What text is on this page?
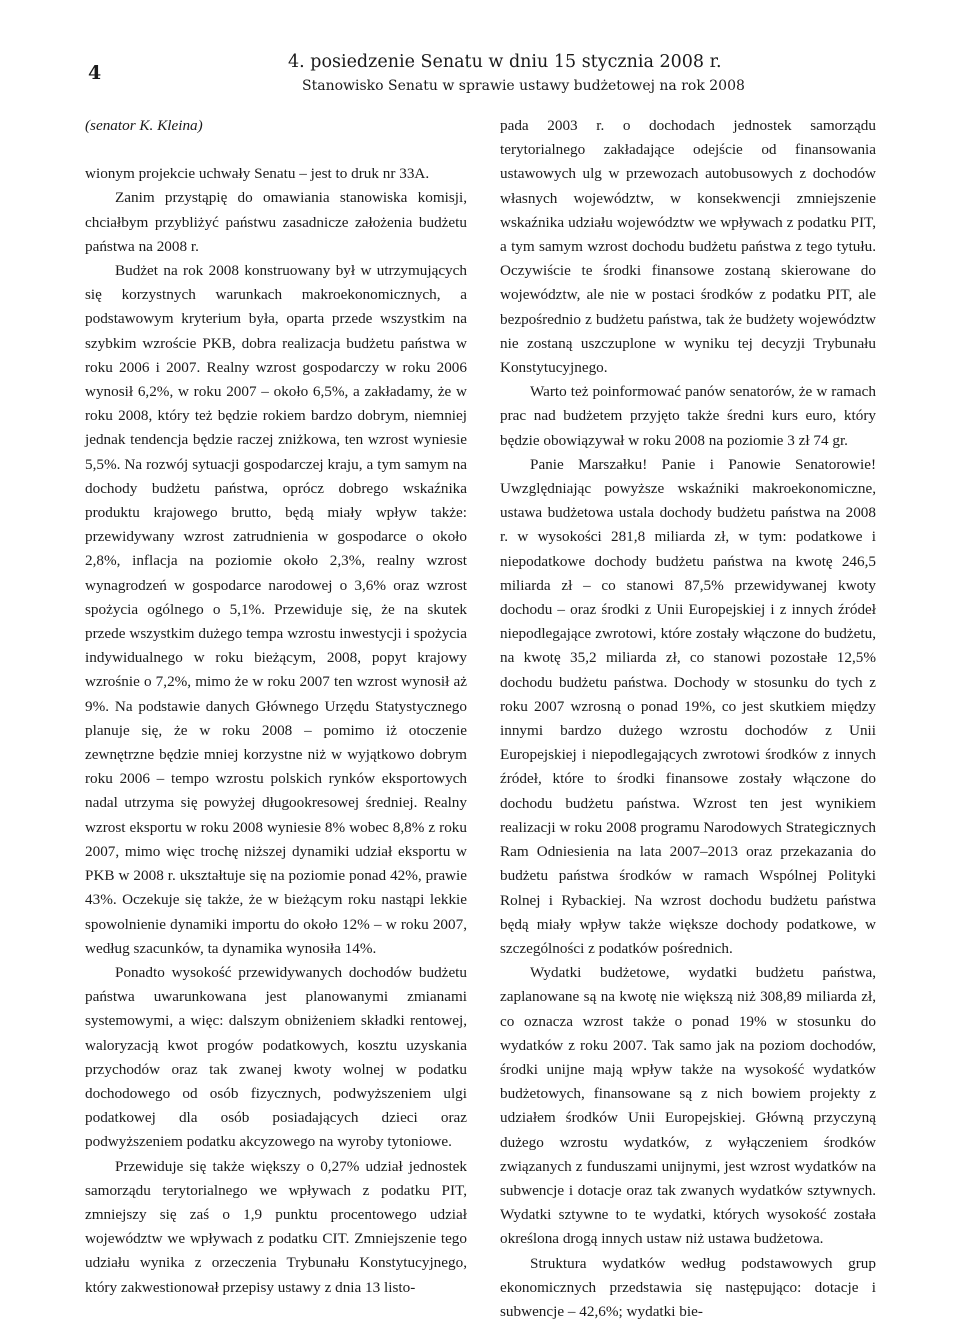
4	4. posiedzenie Senatu w dniu 15 stycznia 2008 r.
Stanowisko Senatu w sprawie ustawy budżetowej na rok 2008

(senator K. Kleina)

wionym projekcie uchwały Senatu – jest to druk nr 33A.

Zanim przystąpię do omawiania stanowiska komisji, chciałbym przybliżyć państwu zasadnicze założenia budżetu państwa na 2008 r.

Budżet na rok 2008 konstruowany był w utrzymujących się korzystnych warunkach makroekonomicznych, a podstawowym kryterium była, oparta przede wszystkim na szybkim wzroście PKB, dobra realizacja budżetu państwa w roku 2006 i 2007. Realny wzrost gospodarczy w roku 2006 wynosił 6,2%, w roku 2007 – około 6,5%, a zakładamy, że w roku 2008, który też będzie rokiem bardzo dobrym, niemniej jednak tendencja będzie raczej zniżkowa, ten wzrost wyniesie 5,5%. Na rozwój sytuacji gospodarczej kraju, a tym samym na dochody budżetu państwa, oprócz dobrego wskaźnika produktu krajowego brutto, będą miały wpływ także: przewidywany wzrost zatrudnienia w gospodarce o około 2,8%, inflacja na poziomie około 2,3%, realny wzrost wynagrodzeń w gospodarce narodowej o 3,6% oraz wzrost spożycia ogólnego o 5,1%. Przewiduje się, że na skutek przede wszystkim dużego tempa wzrostu inwestycji i spożycia indywidualnego w roku bieżącym, 2008, popyt krajowy wzrośnie o 7,2%, mimo że w roku 2007 ten wzrost wynosił aż 9%. Na podstawie danych Głównego Urzędu Statystycznego planuje się, że w roku 2008 – pomimo iż otoczenie zewnętrzne będzie mniej korzystne niż w wyjątkowo dobrym roku 2006 – tempo wzrostu polskich rynków eksportowych nadal utrzyma się powyżej długookresowej średniej. Realny wzrost eksportu w roku 2008 wyniesie 8% wobec 8,8% z roku 2007, mimo więc trochę niższej dynamiki udział eksportu w PKB w 2008 r. ukształtuje się na poziomie ponad 42%, prawie 43%. Oczekuje się także, że w bieżącym roku nastąpi lekkie spowolnienie dynamiki importu do około 12% – w roku 2007, według szacunków, ta dynamika wynosiła 14%.

Ponadto wysokość przewidywanych dochodów budżetu państwa uwarunkowana jest planowanymi zmianami systemowymi, a więc: dalszym obniżeniem składki rentowej, waloryzacją kwot progów podatkowych, kosztu uzyskania przychodów oraz tak zwanej kwoty wolnej w podatku dochodowego od osób fizycznych, podwyższeniem ulgi podatkowej dla osób posiadających dzieci oraz podwyższeniem podatku akcyzowego na wyroby tytoniowe.

Przewiduje się także większy o 0,27% udział jednostek samorządu terytorialnego we wpływach z podatku PIT, zmniejszy się zaś o 1,9 punktu procentowego udział województw we wpływach z podatku CIT. Zmniejszenie tego udziału wynika z orzeczenia Trybunału Konstytucyjnego, który zakwestionował przepisy ustawy z dnia 13 listo-

pada 2003 r. o dochodach jednostek samorządu terytorialnego zakładające odejście od finansowania ustawowych ulg w przewozach autobusowych z dochodów własnych województw, w konsekwencji zmniejszenie wskaźnika udziału województw we wpływach z podatku PIT, a tym samym wzrost dochodu budżetu państwa z tego tytułu. Oczywiście te środki finansowe zostaną skierowane do województw, ale nie w postaci środków z podatku PIT, ale bezpośrednio z budżetu państwa, tak że budżety województw nie zostaną uszczuplone w wyniku tej decyzji Trybunału Konstytucyjnego.

Warto też poinformować panów senatorów, że w ramach prac nad budżetem przyjęto także średni kurs euro, który będzie obowiązywał w roku 2008 na poziomie 3 zł 74 gr.

Panie Marszałku! Panie i Panowie Senatorowie! Uwzględniając powyższe wskaźniki makroekonomiczne, ustawa budżetowa ustala dochody budżetu państwa na 2008 r. w wysokości 281,8 miliarda zł, w tym: podatkowe i niepodatkowe dochody budżetu państwa na kwotę 246,5 miliarda zł – co stanowi 87,5% przewidywanej kwoty dochodu – oraz środki z Unii Europejskiej i z innych źródeł niepodlegające zwrotowi, które zostały włączone do budżetu, na kwotę 35,2 miliarda zł, co stanowi pozostałe 12,5% dochodu budżetu państwa. Dochody w stosunku do tych z roku 2007 wzrosną o ponad 19%, co jest skutkiem między innymi bardzo dużego wzrostu dochodów z Unii Europejskiej i niepodlegających zwrotowi środków z innych źródeł, które to środki finansowe zostały włączone do dochodu budżetu państwa. Wzrost ten jest wynikiem realizacji w roku 2008 programu Narodowych Strategicznych Ram Odniesienia na lata 2007–2013 oraz przekazania do budżetu państwa środków w ramach Wspólnej Polityki Rolnej i Rybackiej. Na wzrost dochodu budżetu państwa będą miały wpływ także większe dochody podatkowe, w szczególności z podatków pośrednich.

Wydatki budżetowe, wydatki budżetu państwa, zaplanowane są na kwotę nie większą niż 308,89 miliarda zł, co oznacza wzrost także o ponad 19% w stosunku do wydatków z roku 2007. Tak samo jak na poziom dochodów, środki unijne mają wpływ także na wysokość wydatków budżetowych, finansowane są z nich bowiem projekty z udziałem środków Unii Europejskiej. Główną przyczyną dużego wzrostu wydatków, z wyłączeniem środków związanych z funduszami unijnymi, jest wzrost wydatków na subwencje i dotacje oraz tak zwanych wydatków sztywnych. Wydatki sztywne to te wydatki, których wysokość została określona drogą innych ustaw niż ustawa budżetowa.

Struktura wydatków według podstawowych grup ekonomicznych przedstawia się następująco: dotacje i subwencje – 42,6%; wydatki bie-
